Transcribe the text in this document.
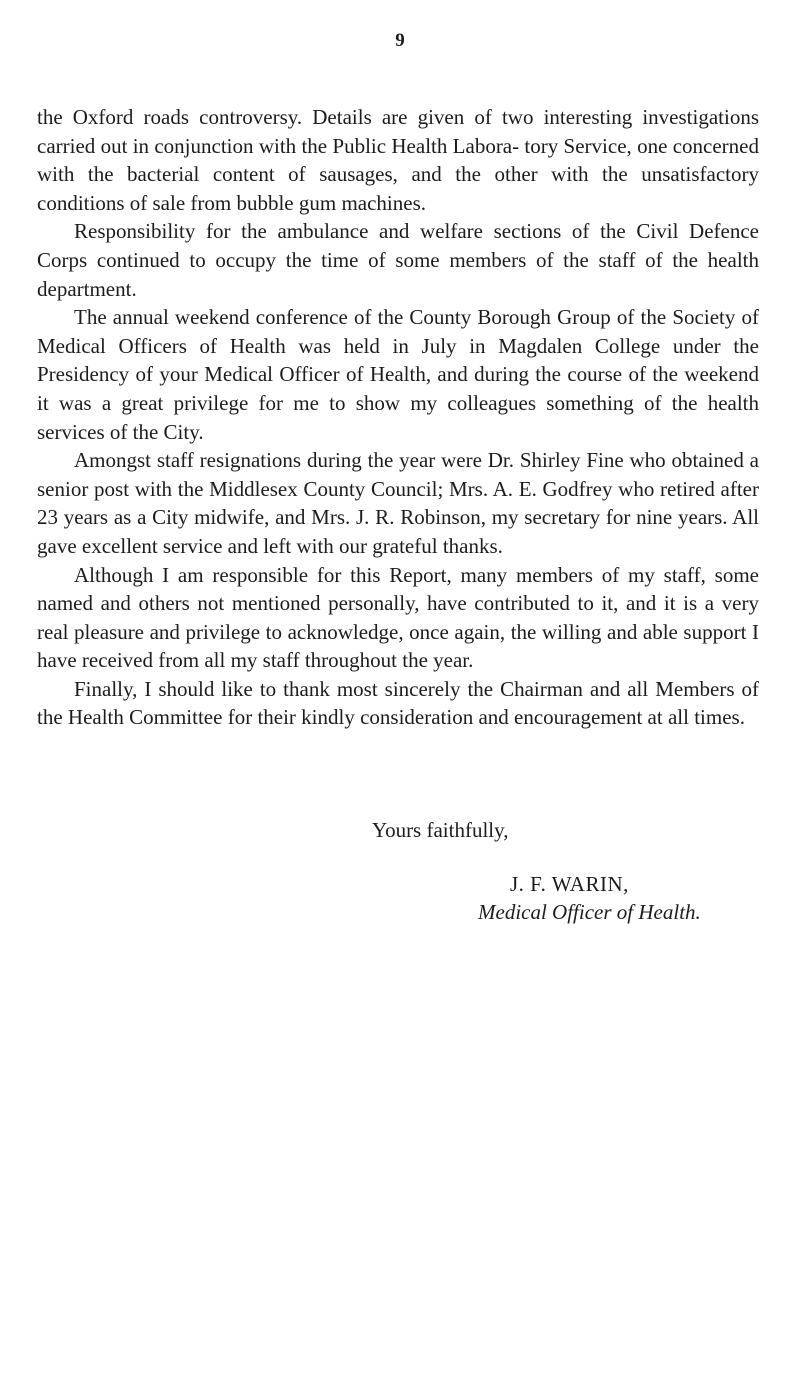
9

the Oxford roads controversy. Details are given of two interesting investigations carried out in conjunction with the Public Health Labora- tory Service, one concerned with the bacterial content of sausages, and the other with the unsatisfactory conditions of sale from bubble gum machines.

Responsibility for the ambulance and welfare sections of the Civil Defence Corps continued to occupy the time of some members of the staff of the health department.

The annual weekend conference of the County Borough Group of the Society of Medical Officers of Health was held in July in Magdalen College under the Presidency of your Medical Officer of Health, and during the course of the weekend it was a great privilege for me to show my colleagues something of the health services of the City.

Amongst staff resignations during the year were Dr. Shirley Fine who obtained a senior post with the Middlesex County Council; Mrs. A. E. Godfrey who retired after 23 years as a City midwife, and Mrs. J. R. Robinson, my secretary for nine years. All gave excellent service and left with our grateful thanks.

Although I am responsible for this Report, many members of my staff, some named and others not mentioned personally, have contributed to it, and it is a very real pleasure and privilege to acknowledge, once again, the willing and able support I have received from all my staff throughout the year.

Finally, I should like to thank most sincerely the Chairman and all Members of the Health Committee for their kindly consideration and encouragement at all times.

Yours faithfully,
J. F. WARIN,
Medical Officer of Health.
